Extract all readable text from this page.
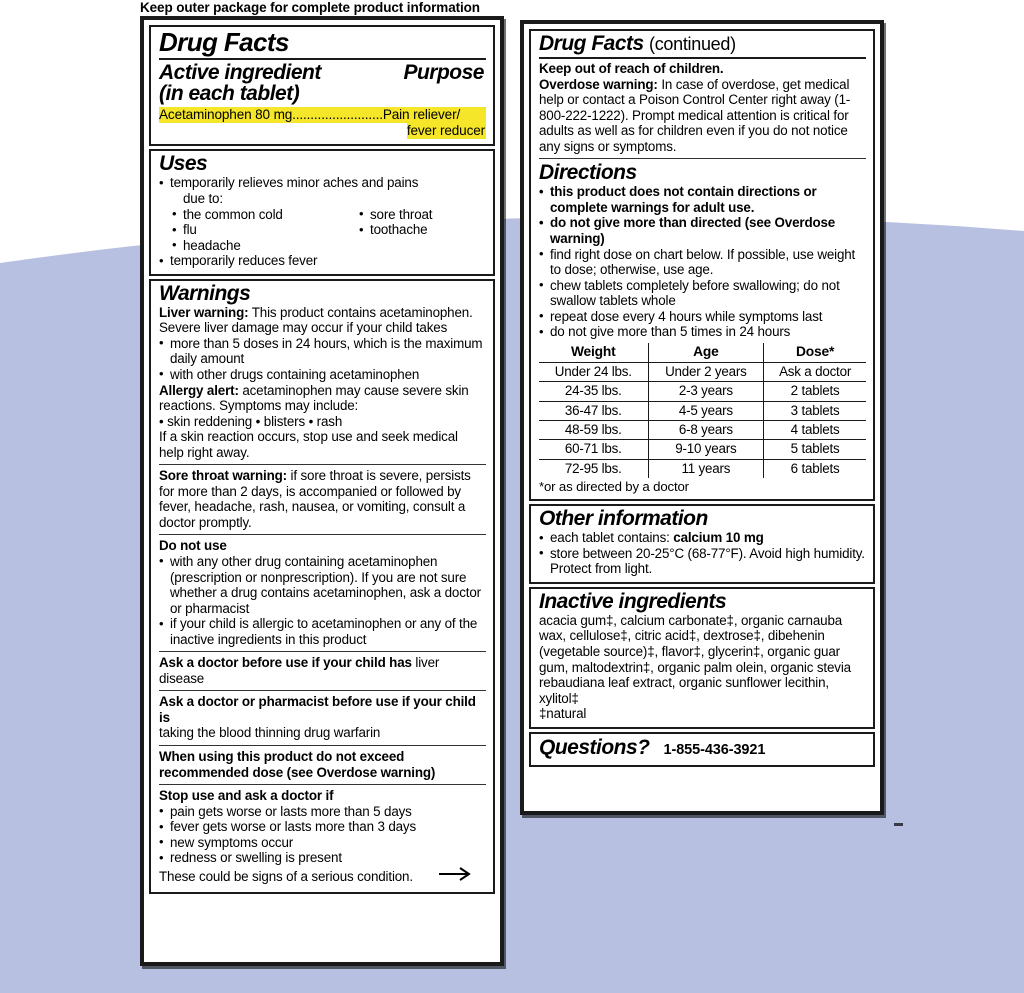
Keep outer package for complete product information
Drug Facts
Active ingredient
(in each tablet)
Purpose
Acetaminophen 80 mg.........................Pain reliever/
fever reducer
Uses
• temporarily relieves minor aches and pains
due to:
• the common cold
• flu
• headache
• sore throat
• toothache
• temporarily reduces fever
Warnings
Liver warning: This product contains acetaminophen. Severe liver damage may occur if your child takes
• more than 5 doses in 24 hours, which is the maximum daily amount
• with other drugs containing acetaminophen
Allergy alert: acetaminophen may cause severe skin reactions. Symptoms may include:
• skin reddening • blisters • rash
If a skin reaction occurs, stop use and seek medical help right away.
Sore throat warning: if sore throat is severe, persists for more than 2 days, is accompanied or followed by fever, headache, rash, nausea, or vomiting, consult a doctor promptly.
Do not use
• with any other drug containing acetaminophen (prescription or nonprescription). If you are not sure whether a drug contains acetaminophen, ask a doctor or pharmacist
• if your child is allergic to acetaminophen or any of the inactive ingredients in this product
Ask a doctor before use if your child has liver disease
Ask a doctor or pharmacist before use if your child is
taking the blood thinning drug warfarin
When using this product do not exceed
recommended dose (see Overdose warning)
Stop use and ask a doctor if
• pain gets worse or lasts more than 5 days
• fever gets worse or lasts more than 3 days
• new symptoms occur
• redness or swelling is present
These could be signs of a serious condition.
Drug Facts (continued)
Keep out of reach of children.
Overdose warning: In case of overdose, get medical help or contact a Poison Control Center right away (1-800-222-1222). Prompt medical attention is critical for adults as well as for children even if you do not notice any signs or symptoms.
Directions
• this product does not contain directions or complete warnings for adult use.
• do not give more than directed (see Overdose warning)
• find right dose on chart below. If possible, use weight to dose; otherwise, use age.
• chew tablets completely before swallowing; do not swallow tablets whole
• repeat dose every 4 hours while symptoms last
• do not give more than 5 times in 24 hours
Weight	Age	Dose*
Under 24 lbs.	Under 2 years	Ask a doctor
24-35 lbs.	2-3 years	2 tablets
36-47 lbs.	4-5 years	3 tablets
48-59 lbs.	6-8 years	4 tablets
60-71 lbs.	9-10 years	5 tablets
72-95 lbs.	11 years	6 tablets
*or as directed by a doctor
Other information
• each tablet contains: calcium 10 mg
• store between 20-25°C (68-77°F). Avoid high humidity. Protect from light.
Inactive ingredients
acacia gum‡, calcium carbonate‡, organic carnauba wax, cellulose‡, citric acid‡, dextrose‡, dibehenin (vegetable source)‡, flavor‡, glycerin‡, organic guar gum, maltodextrin‡, organic palm olein, organic stevia rebaudiana leaf extract, organic sunflower lecithin, xylitol‡
‡natural
Questions? 1-855-436-3921
